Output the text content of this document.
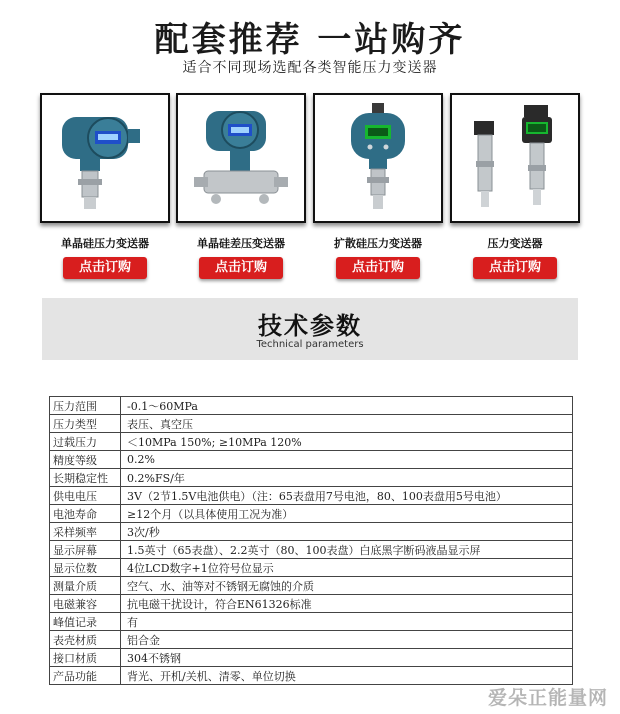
配套推荐 一站购齐
适合不同现场选配各类智能压力变送器
单晶硅压力变送器
点击订购
单晶硅差压变送器
点击订购
扩散硅压力变送器
点击订购
压力变送器
点击订购
技术参数
Technical parameters
压力范围	-0.1～60MPa
压力类型	表压、真空压
过载压力	＜10MPa 150%; ≥10MPa 120%
精度等级	0.2%
长期稳定性	0.2%FS/年
供电电压	3V（2节1.5V电池供电）（注：65表盘用7号电池，80、100表盘用5号电池）
电池寿命	≥12个月（以具体使用工况为准）
采样频率	3次/秒
显示屏幕	1.5英寸（65表盘）、2.2英寸（80、100表盘）白底黑字断码液晶显示屏
显示位数	4位LCD数字+1位符号位显示
测量介质	空气、水、油等对不锈钢无腐蚀的介质
电磁兼容	抗电磁干扰设计，符合EN61326标准
峰值记录	有
表壳材质	铝合金
接口材质	304不锈钢
产品功能	背光、开机/关机、清零、单位切换
爱朵正能量网
